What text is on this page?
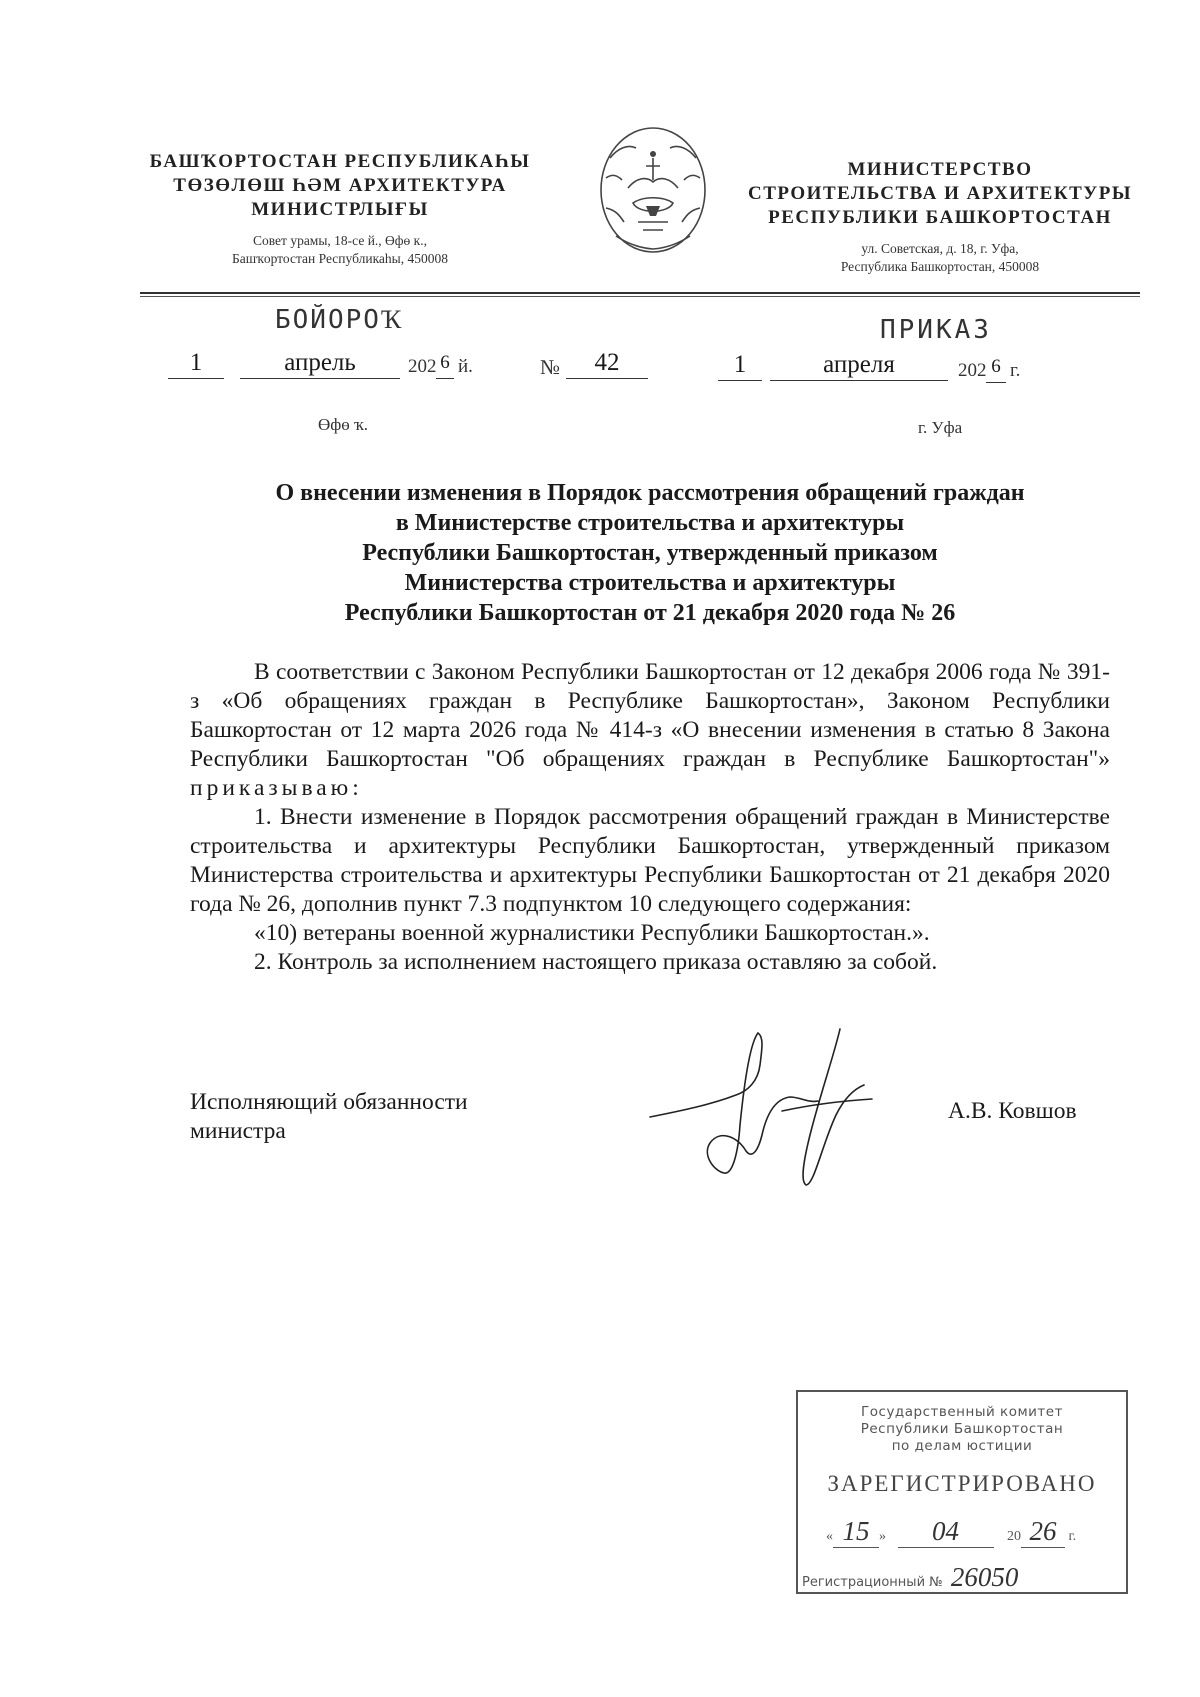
БАШҠОРТОСТАН РЕСПУБЛИКАҺЫ
ТӨЗӨЛӨШ ҺӘМ АРХИТЕКТУРА
МИНИСТРЛЫҒЫ
Совет урамы, 18-се й., Өфө к.,
Башҡортостан Республикаһы, 450008
МИНИСТЕРСТВО
СТРОИТЕЛЬСТВА И АРХИТЕКТУРЫ
РЕСПУБЛИКИ БАШКОРТОСТАН
ул. Советская, д. 18, г. Уфа,
Республика Башкортостан, 450008
БОЙОРОҠ	ПРИКАЗ
1	апрель	202 6 й.	№	42	1	апреля	202 6 г.
Өфө ҡ.	г. Уфа
О внесении изменения в Порядок рассмотрения обращений граждан
в Министерстве строительства и архитектуры
Республики Башкортостан, утвержденный приказом
Министерства строительства и архитектуры
Республики Башкортостан от 21 декабря 2020 года № 26

В соответствии с Законом Республики Башкортостан от 12 декабря 2006 года № 391-з «Об обращениях граждан в Республике Башкортостан», Законом Республики Башкортостан от 12 марта 2026 года № 414-з «О внесении изменения в статью 8 Закона Республики Башкортостан "Об обращениях граждан в Республике Башкортостан"» приказываю:

1. Внести изменение в Порядок рассмотрения обращений граждан в Министерстве строительства и архитектуры Республики Башкортостан, утвержденный приказом Министерства строительства и архитектуры Республики Башкортостан от 21 декабря 2020 года № 26, дополнив пункт 7.3 подпунктом 10 следующего содержания:

«10) ветераны военной журналистики Республики Башкортостан.».

2. Контроль за исполнением настоящего приказа оставляю за собой.

Исполняющий обязанности
министра
А.В. Ковшов
Государственный комитет
Республики Башкортостан
по делам юстиции
ЗАРЕГИСТРИРОВАНО
« 15 » 04	20 26 г.
Регистрационный № 26050
